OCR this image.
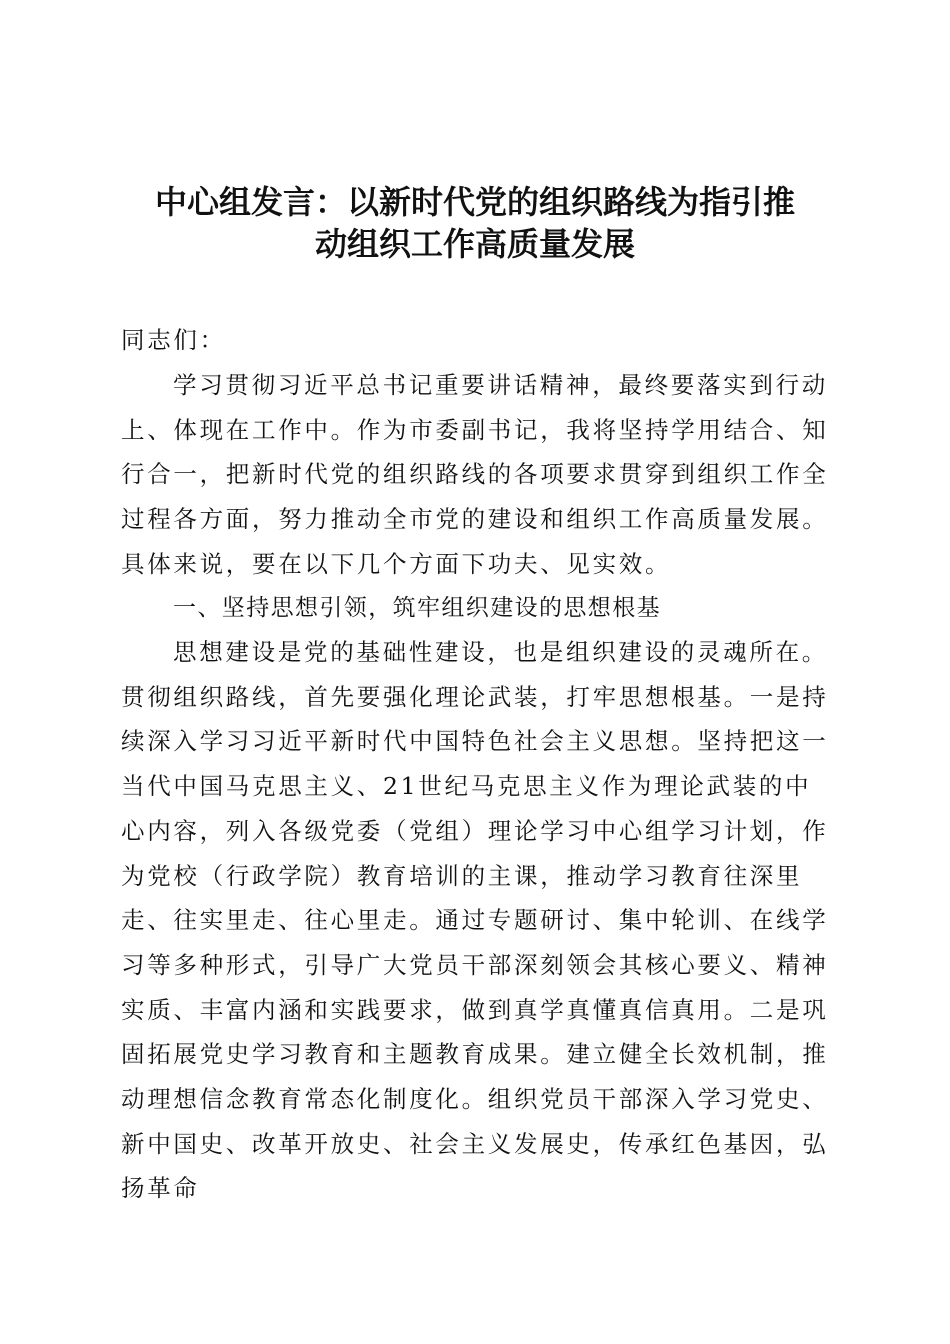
中心组发言：以新时代党的组织路线为指引推
动组织工作高质量发展
同志们：
学习贯彻习近平总书记重要讲话精神，最终要落实到行动上、体现在工作中。作为市委副书记，我将坚持学用结合、知行合一，把新时代党的组织路线的各项要求贯穿到组织工作全过程各方面，努力推动全市党的建设和组织工作高质量发展。具体来说，要在以下几个方面下功夫、见实效。
一、坚持思想引领，筑牢组织建设的思想根基
思想建设是党的基础性建设，也是组织建设的灵魂所在。贯彻组织路线，首先要强化理论武装，打牢思想根基。一是持续深入学习习近平新时代中国特色社会主义思想。坚持把这一当代中国马克思主义、21世纪马克思主义作为理论武装的中心内容，列入各级党委（党组）理论学习中心组学习计划，作为党校（行政学院）教育培训的主课，推动学习教育往深里走、往实里走、往心里走。通过专题研讨、集中轮训、在线学习等多种形式，引导广大党员干部深刻领会其核心要义、精神实质、丰富内涵和实践要求，做到真学真懂真信真用。二是巩固拓展党史学习教育和主题教育成果。建立健全长效机制，推动理想信念教育常态化制度化。组织党员干部深入学习党史、新中国史、改革开放史、社会主义发展史，传承红色基因，弘扬革命
